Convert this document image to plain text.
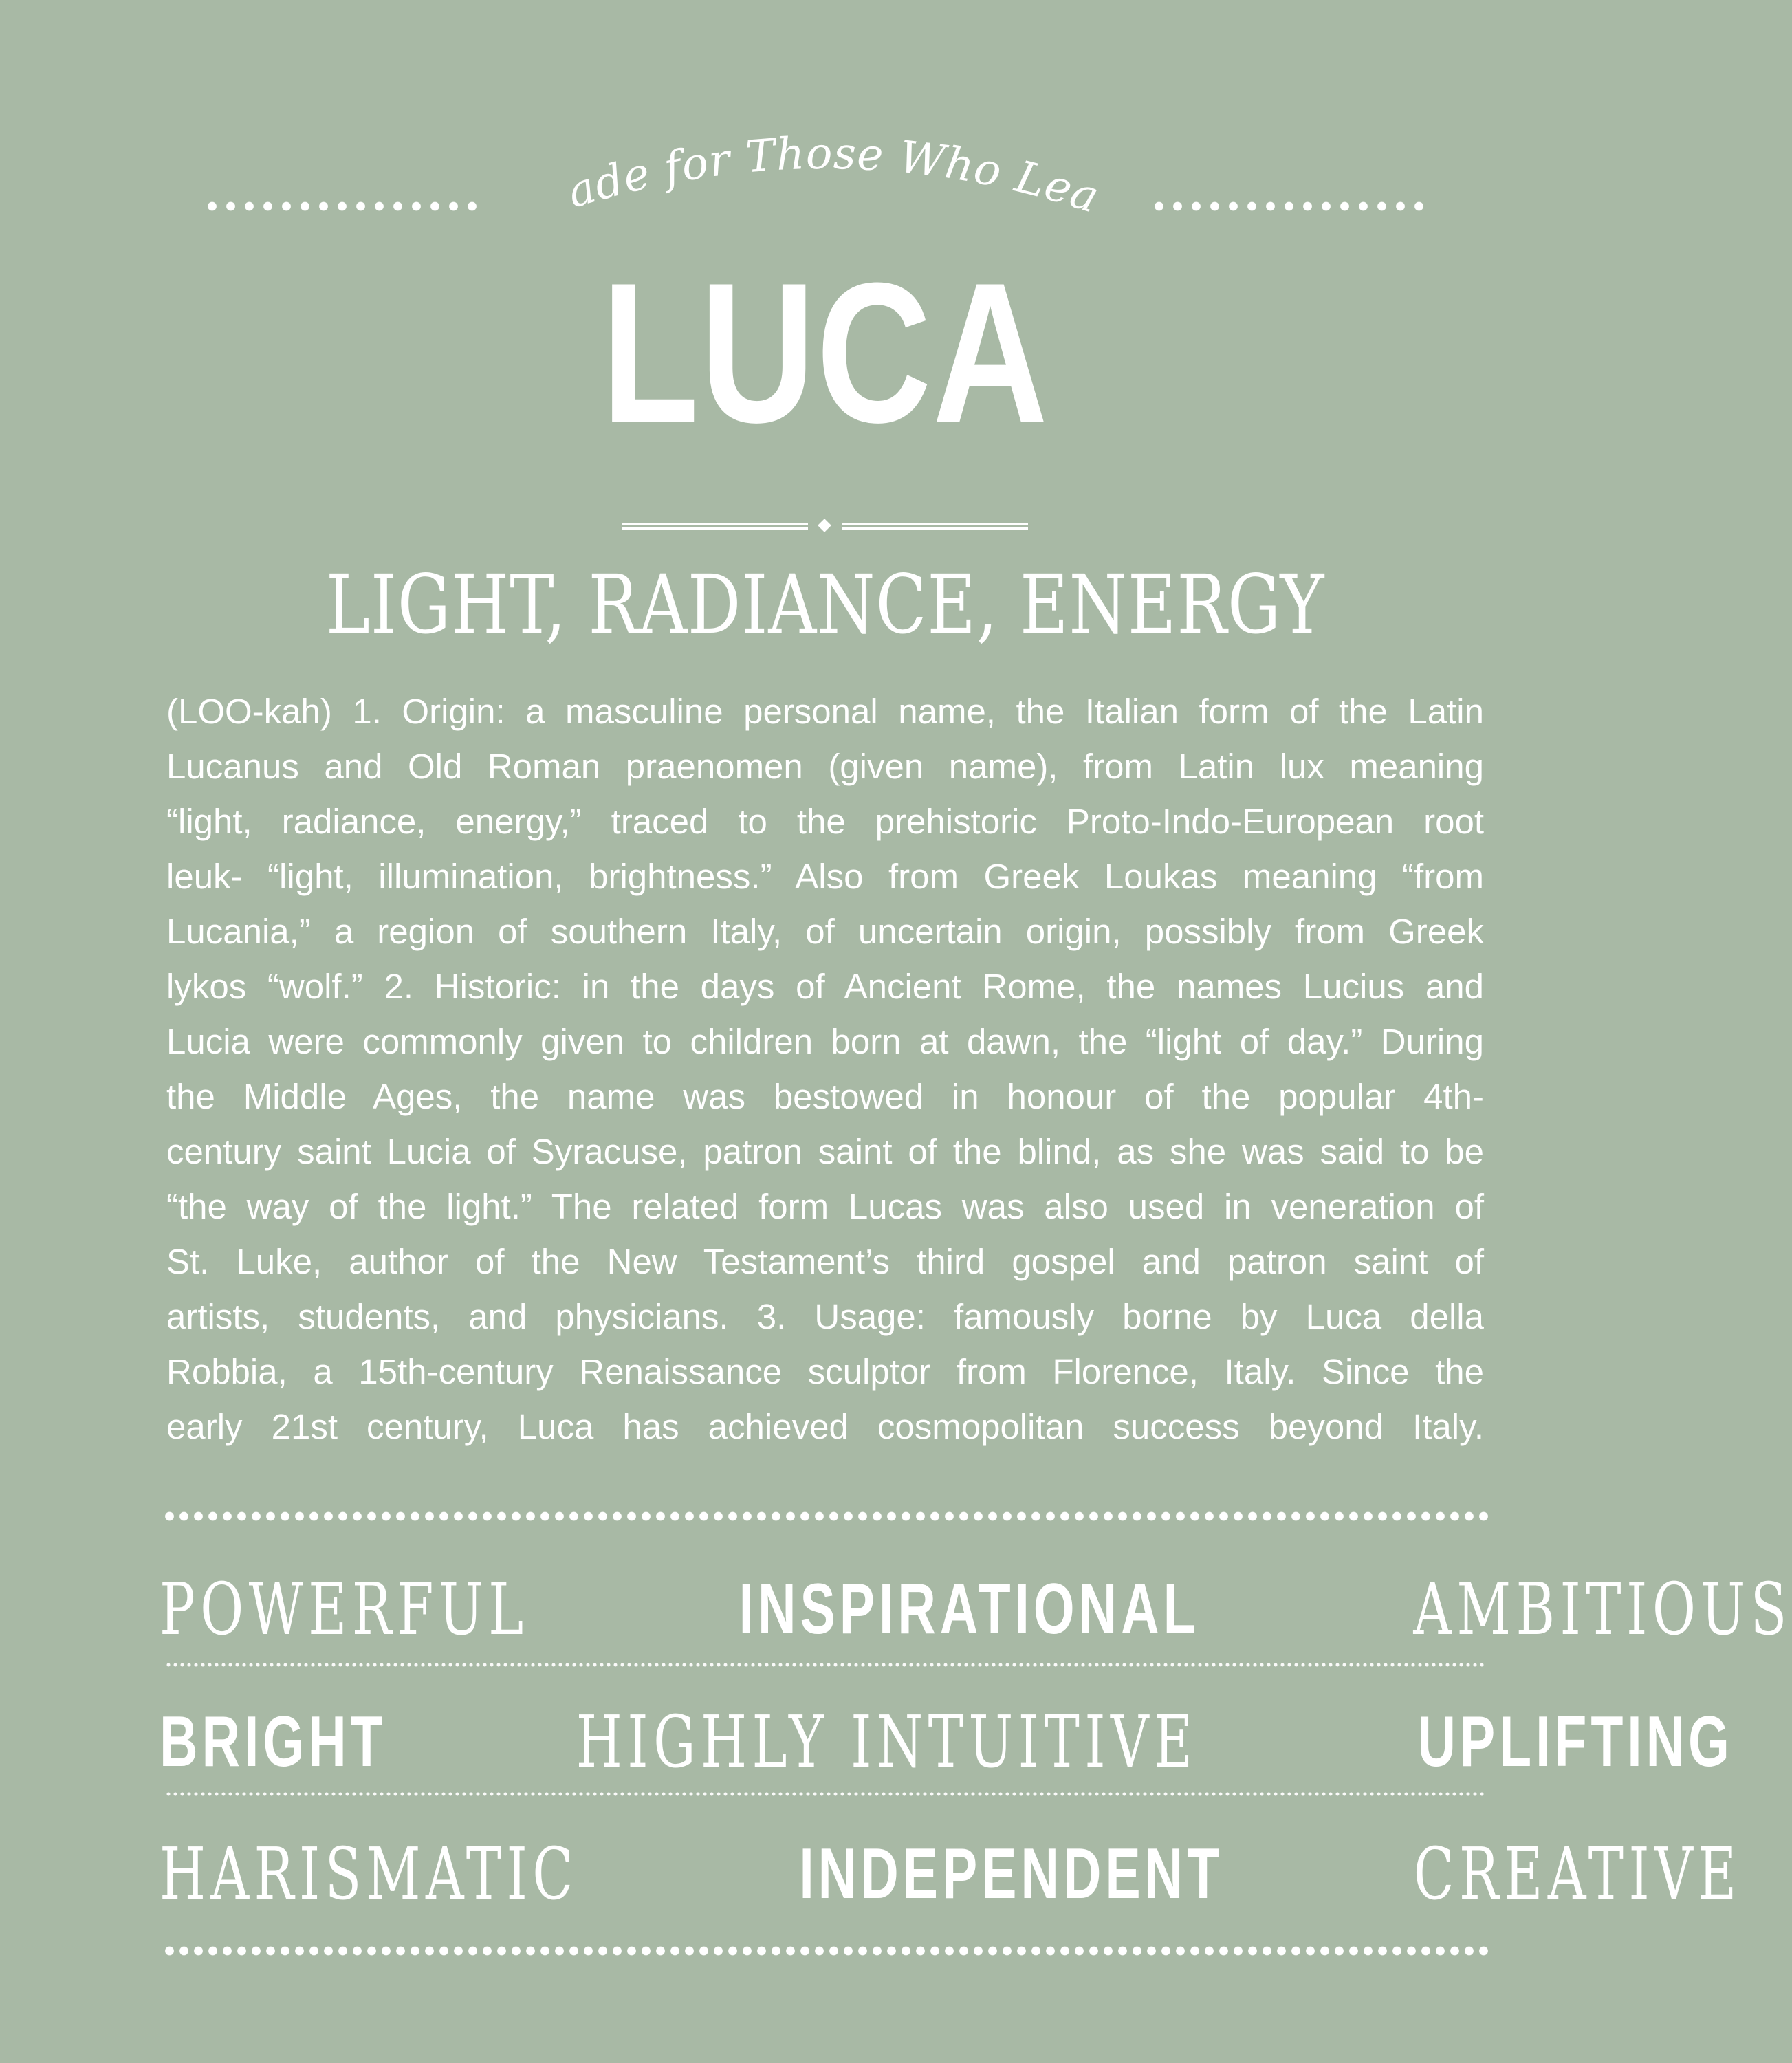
Made for Those Who Lead
LUCA
LIGHT, RADIANCE, ENERGY

(LOO-kah) 1. Origin: a masculine personal name, the Italian form of the Latin
Lucanus and Old Roman praenomen (given name), from Latin lux meaning
“light, radiance, energy,” traced to the prehistoric Proto-Indo-European root
leuk- “light, illumination, brightness.” Also from Greek Loukas meaning “from
Lucania,” a region of southern Italy, of uncertain origin, possibly from Greek
lykos “wolf.” 2. Historic: in the days of Ancient Rome, the names Lucius and
Lucia were commonly given to children born at dawn, the “light of day.” During
the Middle Ages, the name was bestowed in honour of the popular 4th-
century saint Lucia of Syracuse, patron saint of the blind, as she was said to be
“the way of the light.” The related form Lucas was also used in veneration of
St. Luke, author of the New Testament’s third gospel and patron saint of
artists, students, and physicians. 3. Usage: famously borne by Luca della
Robbia, a 15th-century Renaissance sculptor from Florence, Italy. Since the
early 21st century, Luca has achieved cosmopolitan success beyond Italy.

POWERFUL	INSPIRATIONAL	AMBITIOUS
BRIGHT	HIGHLY INTUITIVE	UPLIFTING
HARISMATIC	INDEPENDENT	CREATIVE
